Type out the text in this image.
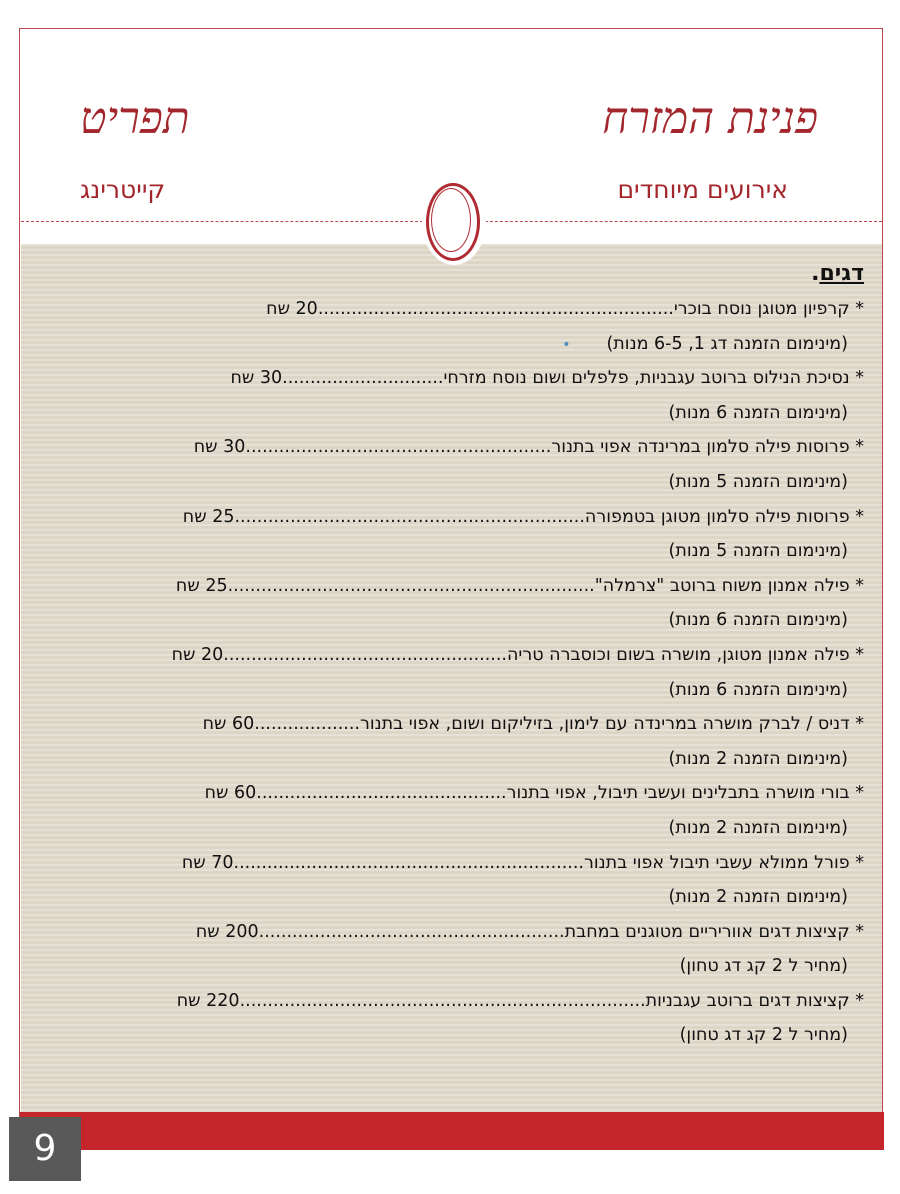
תפריט	פנינת המזרח
קייטרינג	אירועים מיוחדים
דגים.
* קרפיון מטוגן נוסח בוכרי................................................................20 שח
(מינימום הזמנה דג 1, 6-5 מנות)•
* נסיכת הנילוס ברוטב עגבניות, פלפלים ושום נוסח מזרחי.............................30 שח
(מינימום הזמנה 6 מנות)
* פרוסות פילה סלמון במרינדה אפוי בתנור.......................................................30 שח
(מינימום הזמנה 5 מנות)
* פרוסות פילה סלמון מטוגן בטמפורה...............................................................25 שח
(מינימום הזמנה 5 מנות)
* פילה אמנון משוח ברוטב "צרמלה"..................................................................25 שח
(מינימום הזמנה 6 מנות)
* פילה אמנון מטוגן, מושרה בשום וכוסברה טריה...................................................20 שח
(מינימום הזמנה 6 מנות)
* דניס / לברק מושרה במרינדה עם לימון, בזיליקום ושום, אפוי בתנור...................60 שח
(מינימום הזמנה 2 מנות)
* בורי מושרה בתבלינים ועשבי תיבול, אפוי בתנור.............................................60 שח
(מינימום הזמנה 2 מנות)
* פורל ממולא עשבי תיבול אפוי בתנור...............................................................70 שח
(מינימום הזמנה 2 מנות)
* קציצות דגים אווריריים מטוגנים במחבת.......................................................200 שח
(מחיר ל 2 קג דג טחון)
* קציצות דגים ברוטב עגבניות.........................................................................220 שח
(מחיר ל 2 קג דג טחון)
9
